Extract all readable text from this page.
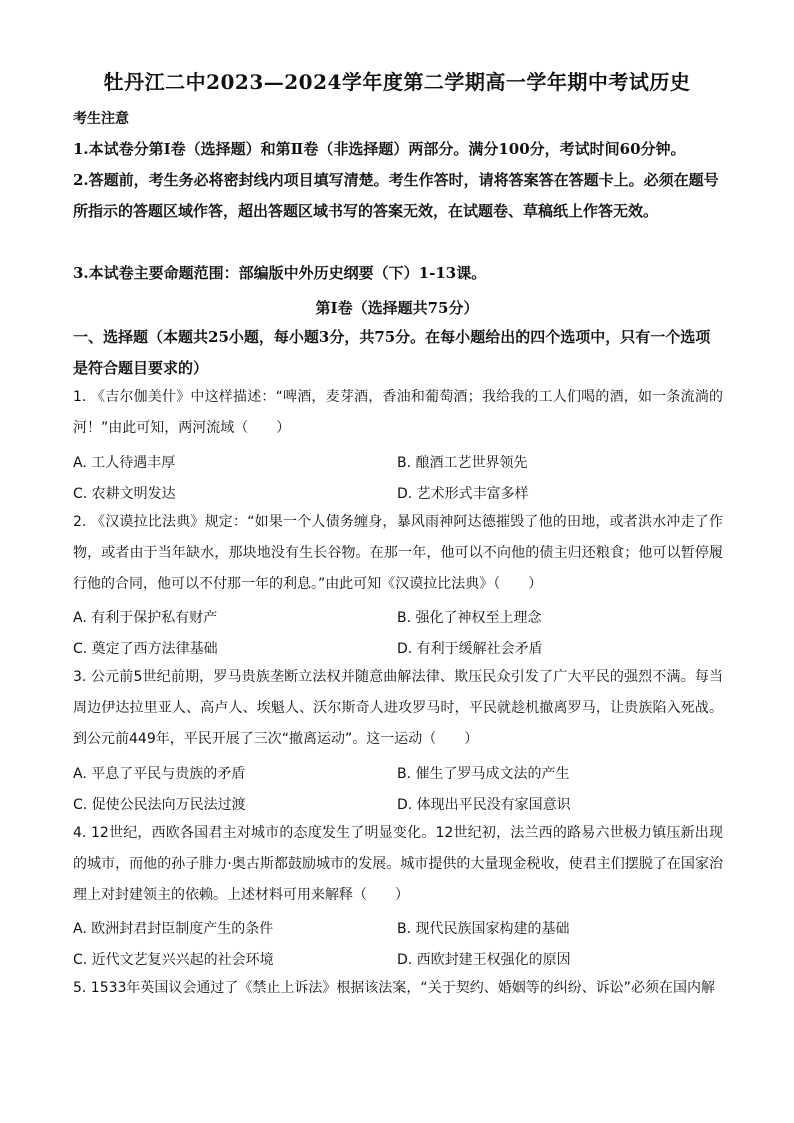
牡丹江二中2023—2024学年度第二学期高一学年期中考试历史
考生注意
1.本试卷分第Ⅰ卷（选择题）和第Ⅱ卷（非选择题）两部分。满分100分，考试时间60分钟。
2.答题前，考生务必将密封线内项目填写清楚。考生作答时，请将答案答在答题卡上。必须在题号所指示的答题区域作答，超出答题区域书写的答案无效，在试题卷、草稿纸上作答无效。
3.本试卷主要命题范围：部编版中外历史纲要（下）1-13课。
第Ⅰ卷（选择题共75分）
一、选择题（本题共25小题，每小题3分，共75分。在每小题给出的四个选项中，只有一个选项是符合题目要求的）
1. 《吉尔伽美什》中这样描述：“啤酒，麦芽酒，香油和葡萄酒；我给我的工人们喝的酒，如一条流淌的河！”由此可知，两河流域（　　）
A. 工人待遇丰厚	B. 酿酒工艺世界领先
C. 农耕文明发达	D. 艺术形式丰富多样
2. 《汉谟拉比法典》规定：“如果一个人债务缠身，暴风雨神阿达德摧毁了他的田地，或者洪水冲走了作物，或者由于当年缺水，那块地没有生长谷物。在那一年，他可以不向他的债主归还粮食；他可以暂停履行他的合同，他可以不付那一年的利息。”由此可知《汉谟拉比法典》（　　）
A. 有利于保护私有财产	B. 强化了神权至上理念
C. 奠定了西方法律基础	D. 有利于缓解社会矛盾
3. 公元前5世纪前期，罗马贵族垄断立法权并随意曲解法律、欺压民众引发了广大平民的强烈不满。每当周边伊达拉里亚人、高卢人、埃魁人、沃尔斯奇人进攻罗马时，平民就趁机撤离罗马，让贵族陷入死战。到公元前449年，平民开展了三次“撤离运动”。这一运动（　　）
A. 平息了平民与贵族的矛盾	B. 催生了罗马成文法的产生
C. 促使公民法向万民法过渡	D. 体现出平民没有家国意识
4. 12世纪，西欧各国君主对城市的态度发生了明显变化。12世纪初，法兰西的路易六世极力镇压新出现的城市，而他的孙子腓力·奥古斯都鼓励城市的发展。城市提供的大量现金税收，使君主们摆脱了在国家治理上对封建领主的依赖。上述材料可用来解释（　　）
A. 欧洲封君封臣制度产生的条件	B. 现代民族国家构建的基础
C. 近代文艺复兴兴起的社会环境	D. 西欧封建王权强化的原因
5. 1533年英国议会通过了《禁止上诉法》根据该法案，“关于契约、婚姻等的纠纷、诉讼”必须在国内解
